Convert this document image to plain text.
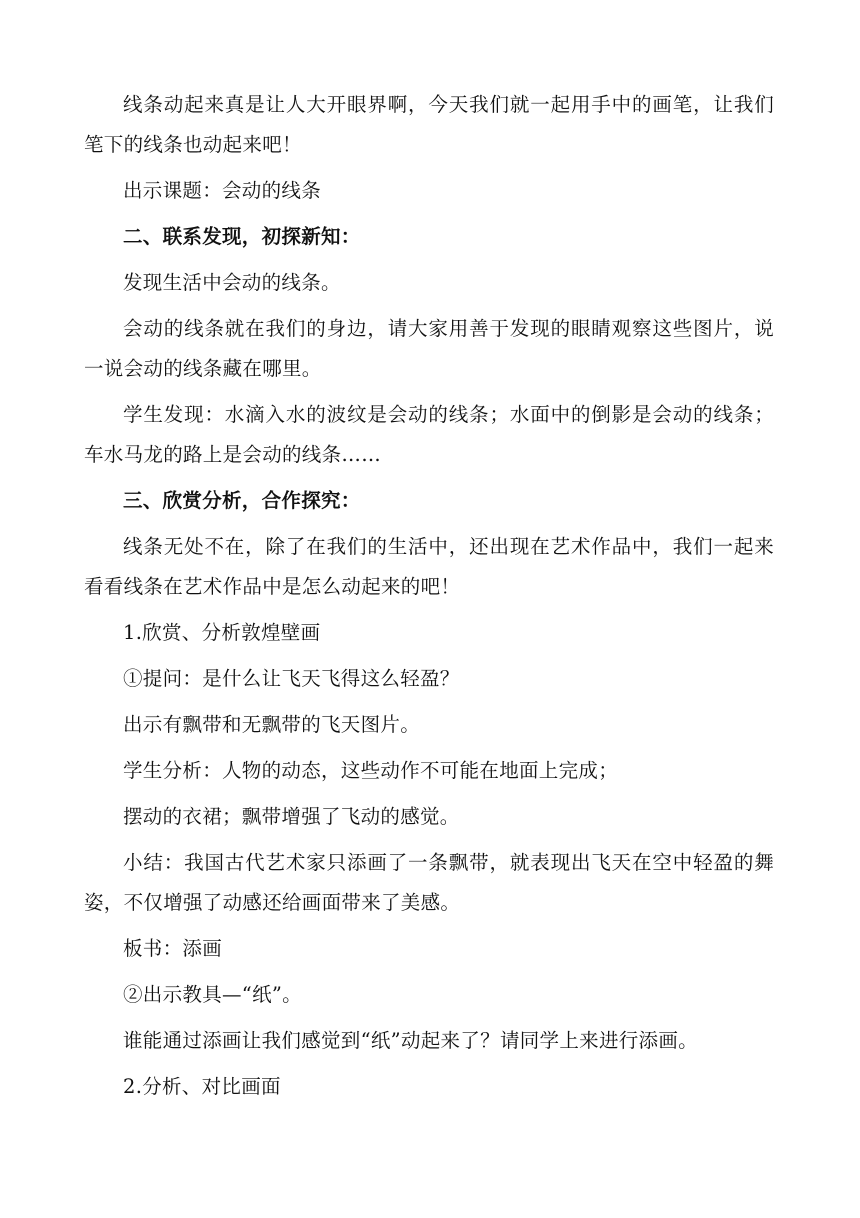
线条动起来真是让人大开眼界啊，今天我们就一起用手中的画笔，让我们笔下的线条也动起来吧！

出示课题：会动的线条

二、联系发现，初探新知：

发现生活中会动的线条。

会动的线条就在我们的身边，请大家用善于发现的眼睛观察这些图片，说一说会动的线条藏在哪里。

学生发现：水滴入水的波纹是会动的线条；水面中的倒影是会动的线条；车水马龙的路上是会动的线条……

三、欣赏分析，合作探究：

线条无处不在，除了在我们的生活中，还出现在艺术作品中，我们一起来看看线条在艺术作品中是怎么动起来的吧！

1.欣赏、分析敦煌壁画

①提问：是什么让飞天飞得这么轻盈？

出示有飘带和无飘带的飞天图片。

学生分析：人物的动态，这些动作不可能在地面上完成；

摆动的衣裙；飘带增强了飞动的感觉。

小结：我国古代艺术家只添画了一条飘带，就表现出飞天在空中轻盈的舞姿，不仅增强了动感还给画面带来了美感。

板书：添画

②出示教具—“纸”。

谁能通过添画让我们感觉到“纸”动起来了？请同学上来进行添画。

2.分析、对比画面
